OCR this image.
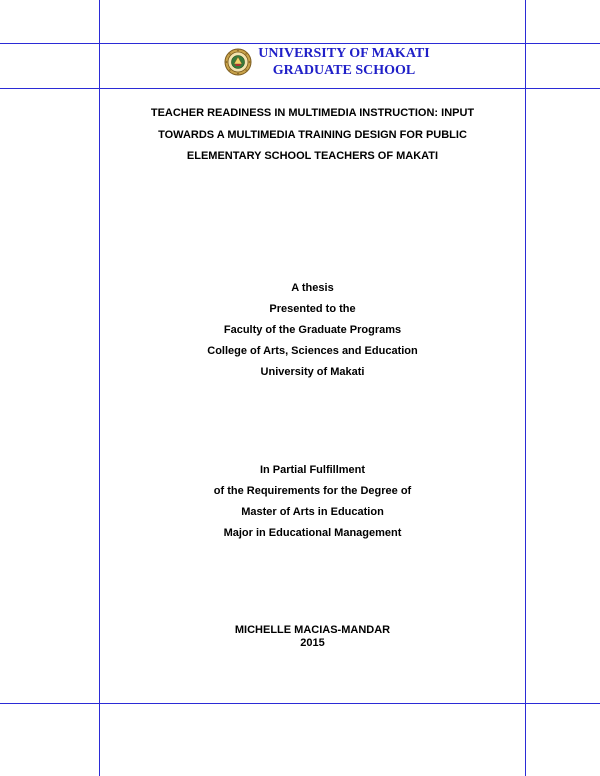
UNIVERSITY OF MAKATI
GRADUATE SCHOOL
TEACHER READINESS IN MULTIMEDIA INSTRUCTION: INPUT
TOWARDS A MULTIMEDIA TRAINING DESIGN FOR PUBLIC
ELEMENTARY SCHOOL TEACHERS OF MAKATI
A thesis
Presented to the
Faculty of the Graduate Programs
College of Arts, Sciences and Education
University of Makati
In Partial Fulfillment
of the Requirements for the Degree of
Master of Arts in Education
Major in Educational Management
MICHELLE MACIAS-MANDAR
2015
